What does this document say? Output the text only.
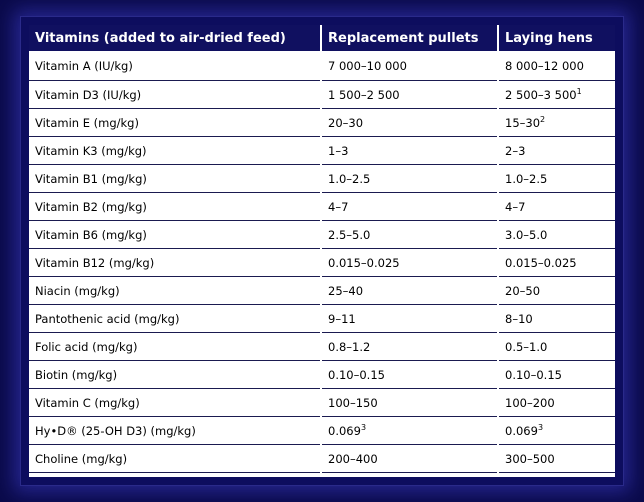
Vitamins (added to air-dried feed)	Replacement pullets	Laying hens
Vitamin A (IU/kg)	7 000–10 000	8 000–12 000
Vitamin D3 (IU/kg)	1 500–2 500	2 500–3 $500^1$
Vitamin E (mg/kg)	20–30	$15-30^2$
Vitamin K3 (mg/kg)	1–3	2–3
Vitamin B1 (mg/kg)	1.0–2.5	1.0–2.5
Vitamin B2 (mg/kg)	4–7	4–7
Vitamin B6 (mg/kg)	2.5–5.0	3.0–5.0
Vitamin B12 (mg/kg)	0.015–0.025	0.015–0.025
Niacin (mg/kg)	25–40	20–50
Pantothenic acid (mg/kg)	9–11	8–10
Folic acid (mg/kg)	0.8–1.2	0.5–1.0
Biotin (mg/kg)	0.10–0.15	0.10–0.15
Vitamin C (mg/kg)	100–150	100–200
Hy•D® (25-OH D3) (mg/kg)	0.069$^3$	0.069$^3$
Choline (mg/kg)	200–400	300–500
